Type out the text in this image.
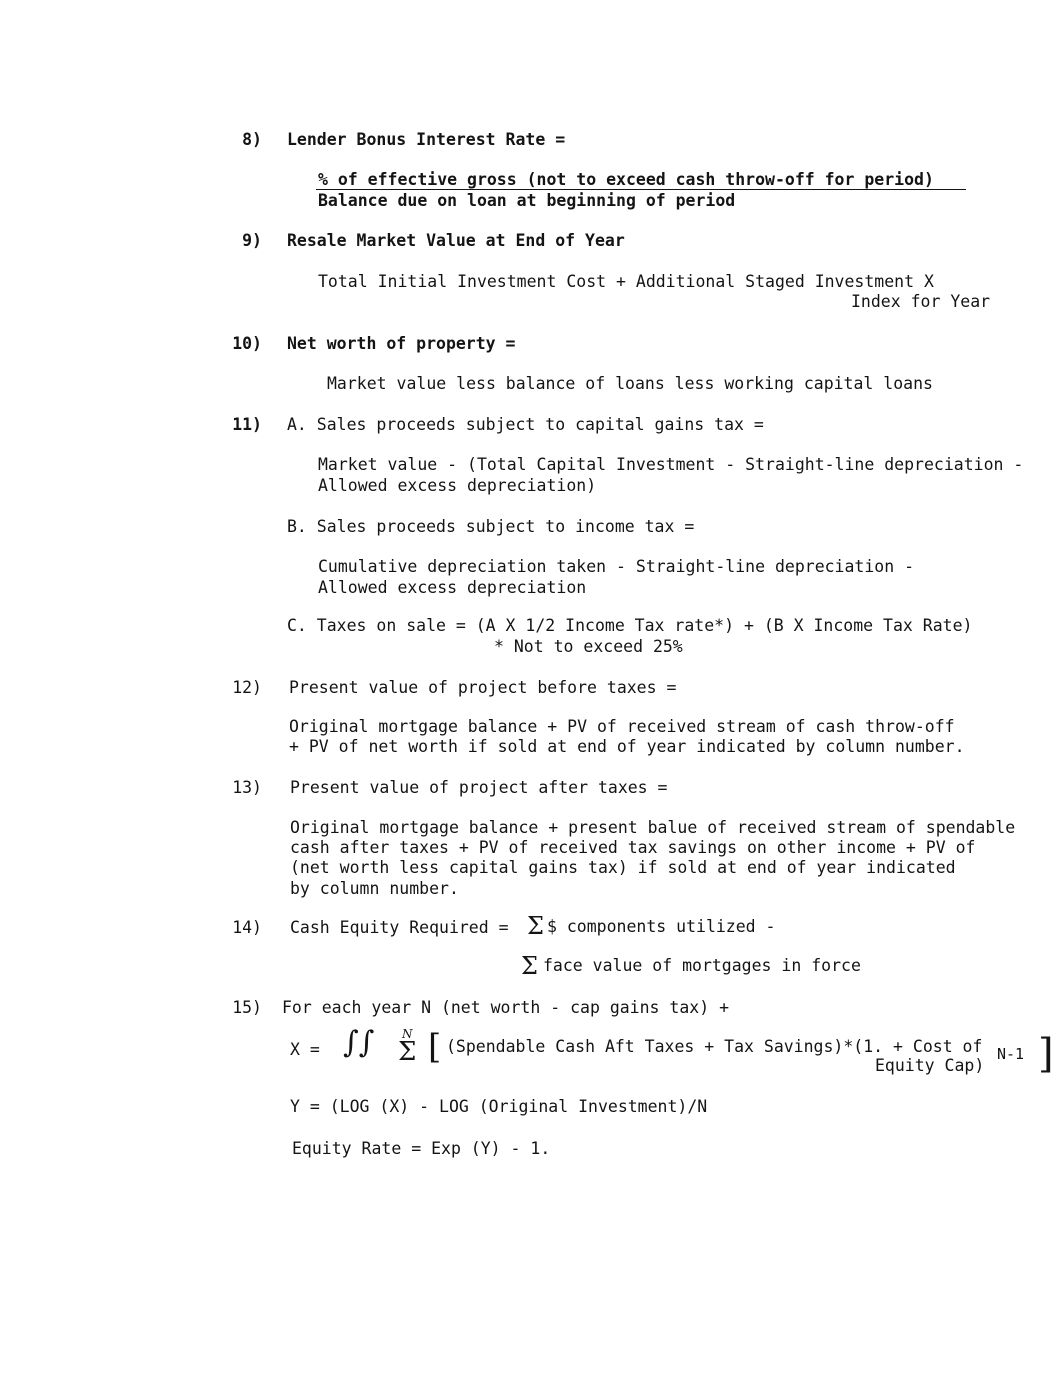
8) Lender Bonus Interest Rate =
% of effective gross (not to exceed cash throw-off for period)
Balance due on loan at beginning of period
9) Resale Market Value at End of Year
Total Initial Investment Cost + Additional Staged Investment X
Index for Year
10) Net worth of property =
Market value less balance of loans less working capital loans
11) A. Sales proceeds subject to capital gains tax =
Market value - (Total Capital Investment - Straight-line depreciation -
Allowed excess depreciation)
B. Sales proceeds subject to income tax =
Cumulative depreciation taken - Straight-line depreciation -
Allowed excess depreciation
C. Taxes on sale = (A X 1/2 Income Tax rate*) + (B X Income Tax Rate)
* Not to exceed 25%
12) Present value of project before taxes =
Original mortgage balance + PV of received stream of cash throw-off
+ PV of net worth if sold at end of year indicated by column number.
13) Present value of project after taxes =
Original mortgage balance + present balue of received stream of spendable
cash after taxes + PV of received tax savings on other income + PV of
(net worth less capital gains tax) if sold at end of year indicated
by column number.
14) Cash Equity Required = Σ $ components utilized -
Σ face value of mortgages in force
15) For each year N (net worth - cap gains tax) +
X = ∫∫ N
Σ [ (Spendable Cash Aft Taxes + Tax Savings)*(1. + Cost of
Equity Cap)
N-1 ]
Y = (LOG (X) - LOG (Original Investment)/N
Equity Rate = Exp (Y) - 1.
